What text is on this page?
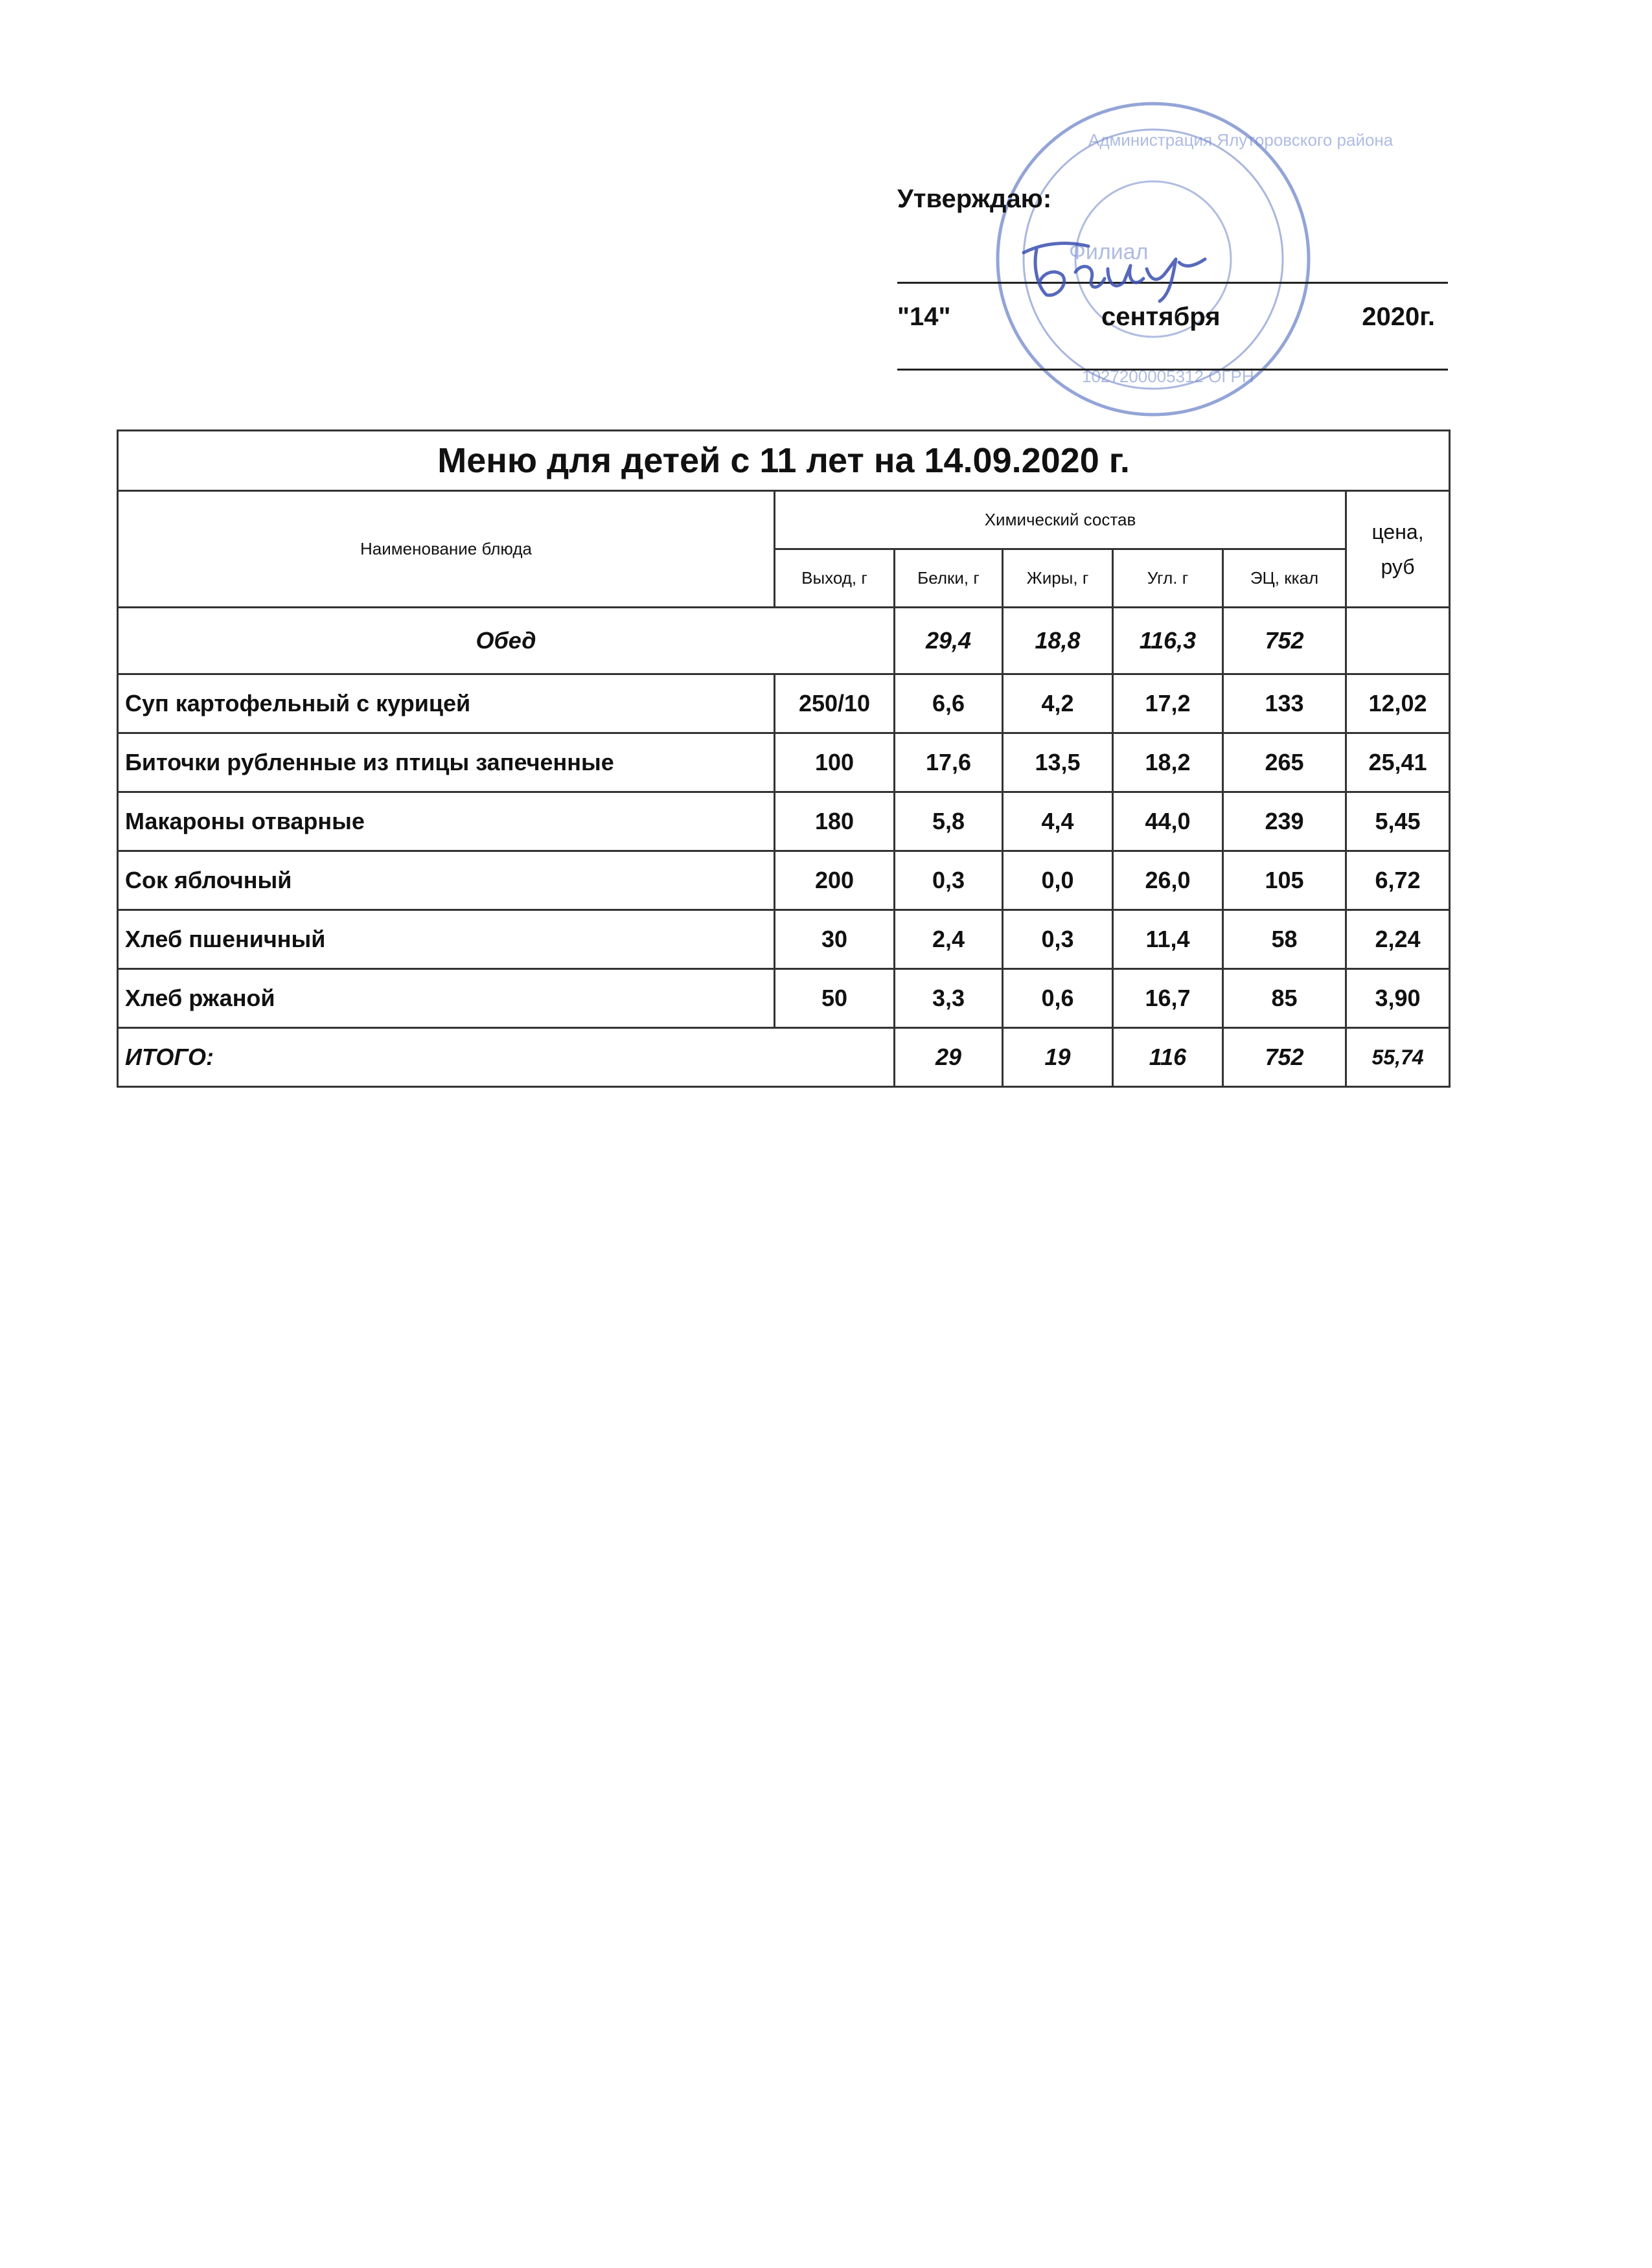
Администрация Ялуторовского района
Филиал
1027200005312 ОГРН
Утверждаю:
"14"	сентября	2020г.
Меню для детей с 11 лет на 14.09.2020 г.						
Наименование блюда	Химический состав					цена, руб
	Выход, г	Белки, г	Жиры, г	Угл. г	ЭЦ, ккал	
Обед		29,4	18,8	116,3	752	
Суп картофельный с курицей	250/10	6,6	4,2	17,2	133	12,02
Биточки рубленные из птицы запеченные	100	17,6	13,5	18,2	265	25,41
Макароны отварные	180	5,8	4,4	44,0	239	5,45
Сок яблочный	200	0,3	0,0	26,0	105	6,72
Хлеб пшеничный	30	2,4	0,3	11,4	58	2,24
Хлеб ржаной	50	3,3	0,6	16,7	85	3,90
ИТОГО:		29	19	116	752	55,74
